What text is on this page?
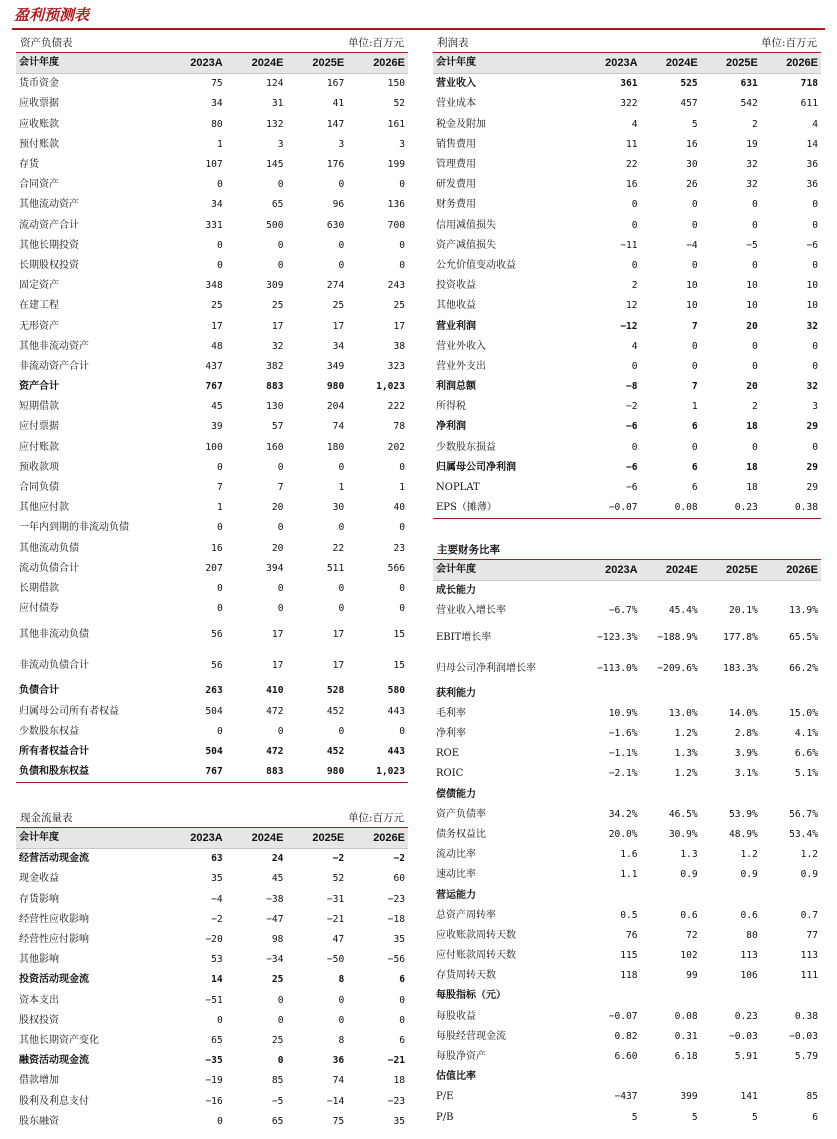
盈利预测表
资产负债表	单位:百万元
会计年度	2023A	2024E	2025E	2026E
货币资金	75	124	167	150
应收票据	34	31	41	52
应收账款	80	132	147	161
预付账款	1	3	3	3
存货	107	145	176	199
合同资产	0	0	0	0
其他流动资产	34	65	96	136
流动资产合计	331	500	630	700
其他长期投资	0	0	0	0
长期股权投资	0	0	0	0
固定资产	348	309	274	243
在建工程	25	25	25	25
无形资产	17	17	17	17
其他非流动资产	48	32	34	38
非流动资产合计	437	382	349	323
资产合计	767	883	980	1,023
短期借款	45	130	204	222
应付票据	39	57	74	78
应付账款	100	160	180	202
预收款项	0	0	0	0
合同负债	7	7	1	1
其他应付款	1	20	30	40
一年内到期的非流动负债	0	0	0	0
其他流动负债	16	20	22	23
流动负债合计	207	394	511	566
长期借款	0	0	0	0
应付债券	0	0	0	0
其他非流动负债	56	17	17	15
非流动负债合计	56	17	17	15
负债合计	263	410	528	580
归属母公司所有者权益	504	472	452	443
少数股东权益	0	0	0	0
所有者权益合计	504	472	452	443
负债和股东权益	767	883	980	1,023
利润表	单位:百万元
会计年度	2023A	2024E	2025E	2026E
营业收入	361	525	631	718
营业成本	322	457	542	611
税金及附加	4	5	2	4
销售费用	11	16	19	14
管理费用	22	30	32	36
研发费用	16	26	32	36
财务费用	0	0	0	0
信用减值损失	0	0	0	0
资产减值损失	−11	−4	−5	−6
公允价值变动收益	0	0	0	0
投资收益	2	10	10	10
其他收益	12	10	10	10
营业利润	−12	7	20	32
营业外收入	4	0	0	0
营业外支出	0	0	0	0
利润总额	−8	7	20	32
所得税	−2	1	2	3
净利润	−6	6	18	29
少数股东损益	0	0	0	0
归属母公司净利润	−6	6	18	29
NOPLAT	−6	6	18	29
EPS（摊薄）	−0.07	0.08	0.23	0.38
主要财务比率
会计年度	2023A	2024E	2025E	2026E
成长能力				
营业收入增长率	−6.7%	45.4%	20.1%	13.9%
EBIT增长率	−123.3%	−188.9%	177.8%	65.5%
归母公司净利润增长率	−113.0%	−209.6%	183.3%	66.2%
获利能力				
毛利率	10.9%	13.0%	14.0%	15.0%
净利率	−1.6%	1.2%	2.8%	4.1%
ROE	−1.1%	1.3%	3.9%	6.6%
ROIC	−2.1%	1.2%	3.1%	5.1%
偿债能力				
资产负债率	34.2%	46.5%	53.9%	56.7%
债务权益比	20.0%	30.9%	48.9%	53.4%
流动比率	1.6	1.3	1.2	1.2
速动比率	1.1	0.9	0.9	0.9
营运能力				
总资产周转率	0.5	0.6	0.6	0.7
应收账款周转天数	76	72	80	77
应付账款周转天数	115	102	113	113
存货周转天数	118	99	106	111
每股指标（元）				
每股收益	−0.07	0.08	0.23	0.38
每股经营现金流	0.82	0.31	−0.03	−0.03
每股净资产	6.60	6.18	5.91	5.79
估值比率				
P/E	−437	399	141	85
P/B	5	5	5	6
现金流量表	单位:百万元
会计年度	2023A	2024E	2025E	2026E
经营活动现金流	63	24	−2	−2
现金收益	35	45	52	60
存货影响	−4	−38	−31	−23
经营性应收影响	−2	−47	−21	−18
经营性应付影响	−20	98	47	35
其他影响	53	−34	−50	−56
投资活动现金流	14	25	8	6
资本支出	−51	0	0	0
股权投资	0	0	0	0
其他长期资产变化	65	25	8	6
融资活动现金流	−35	0	36	−21
借款增加	−19	85	74	18
股利及利息支付	−16	−5	−14	−23
股东融资	0	65	75	35
